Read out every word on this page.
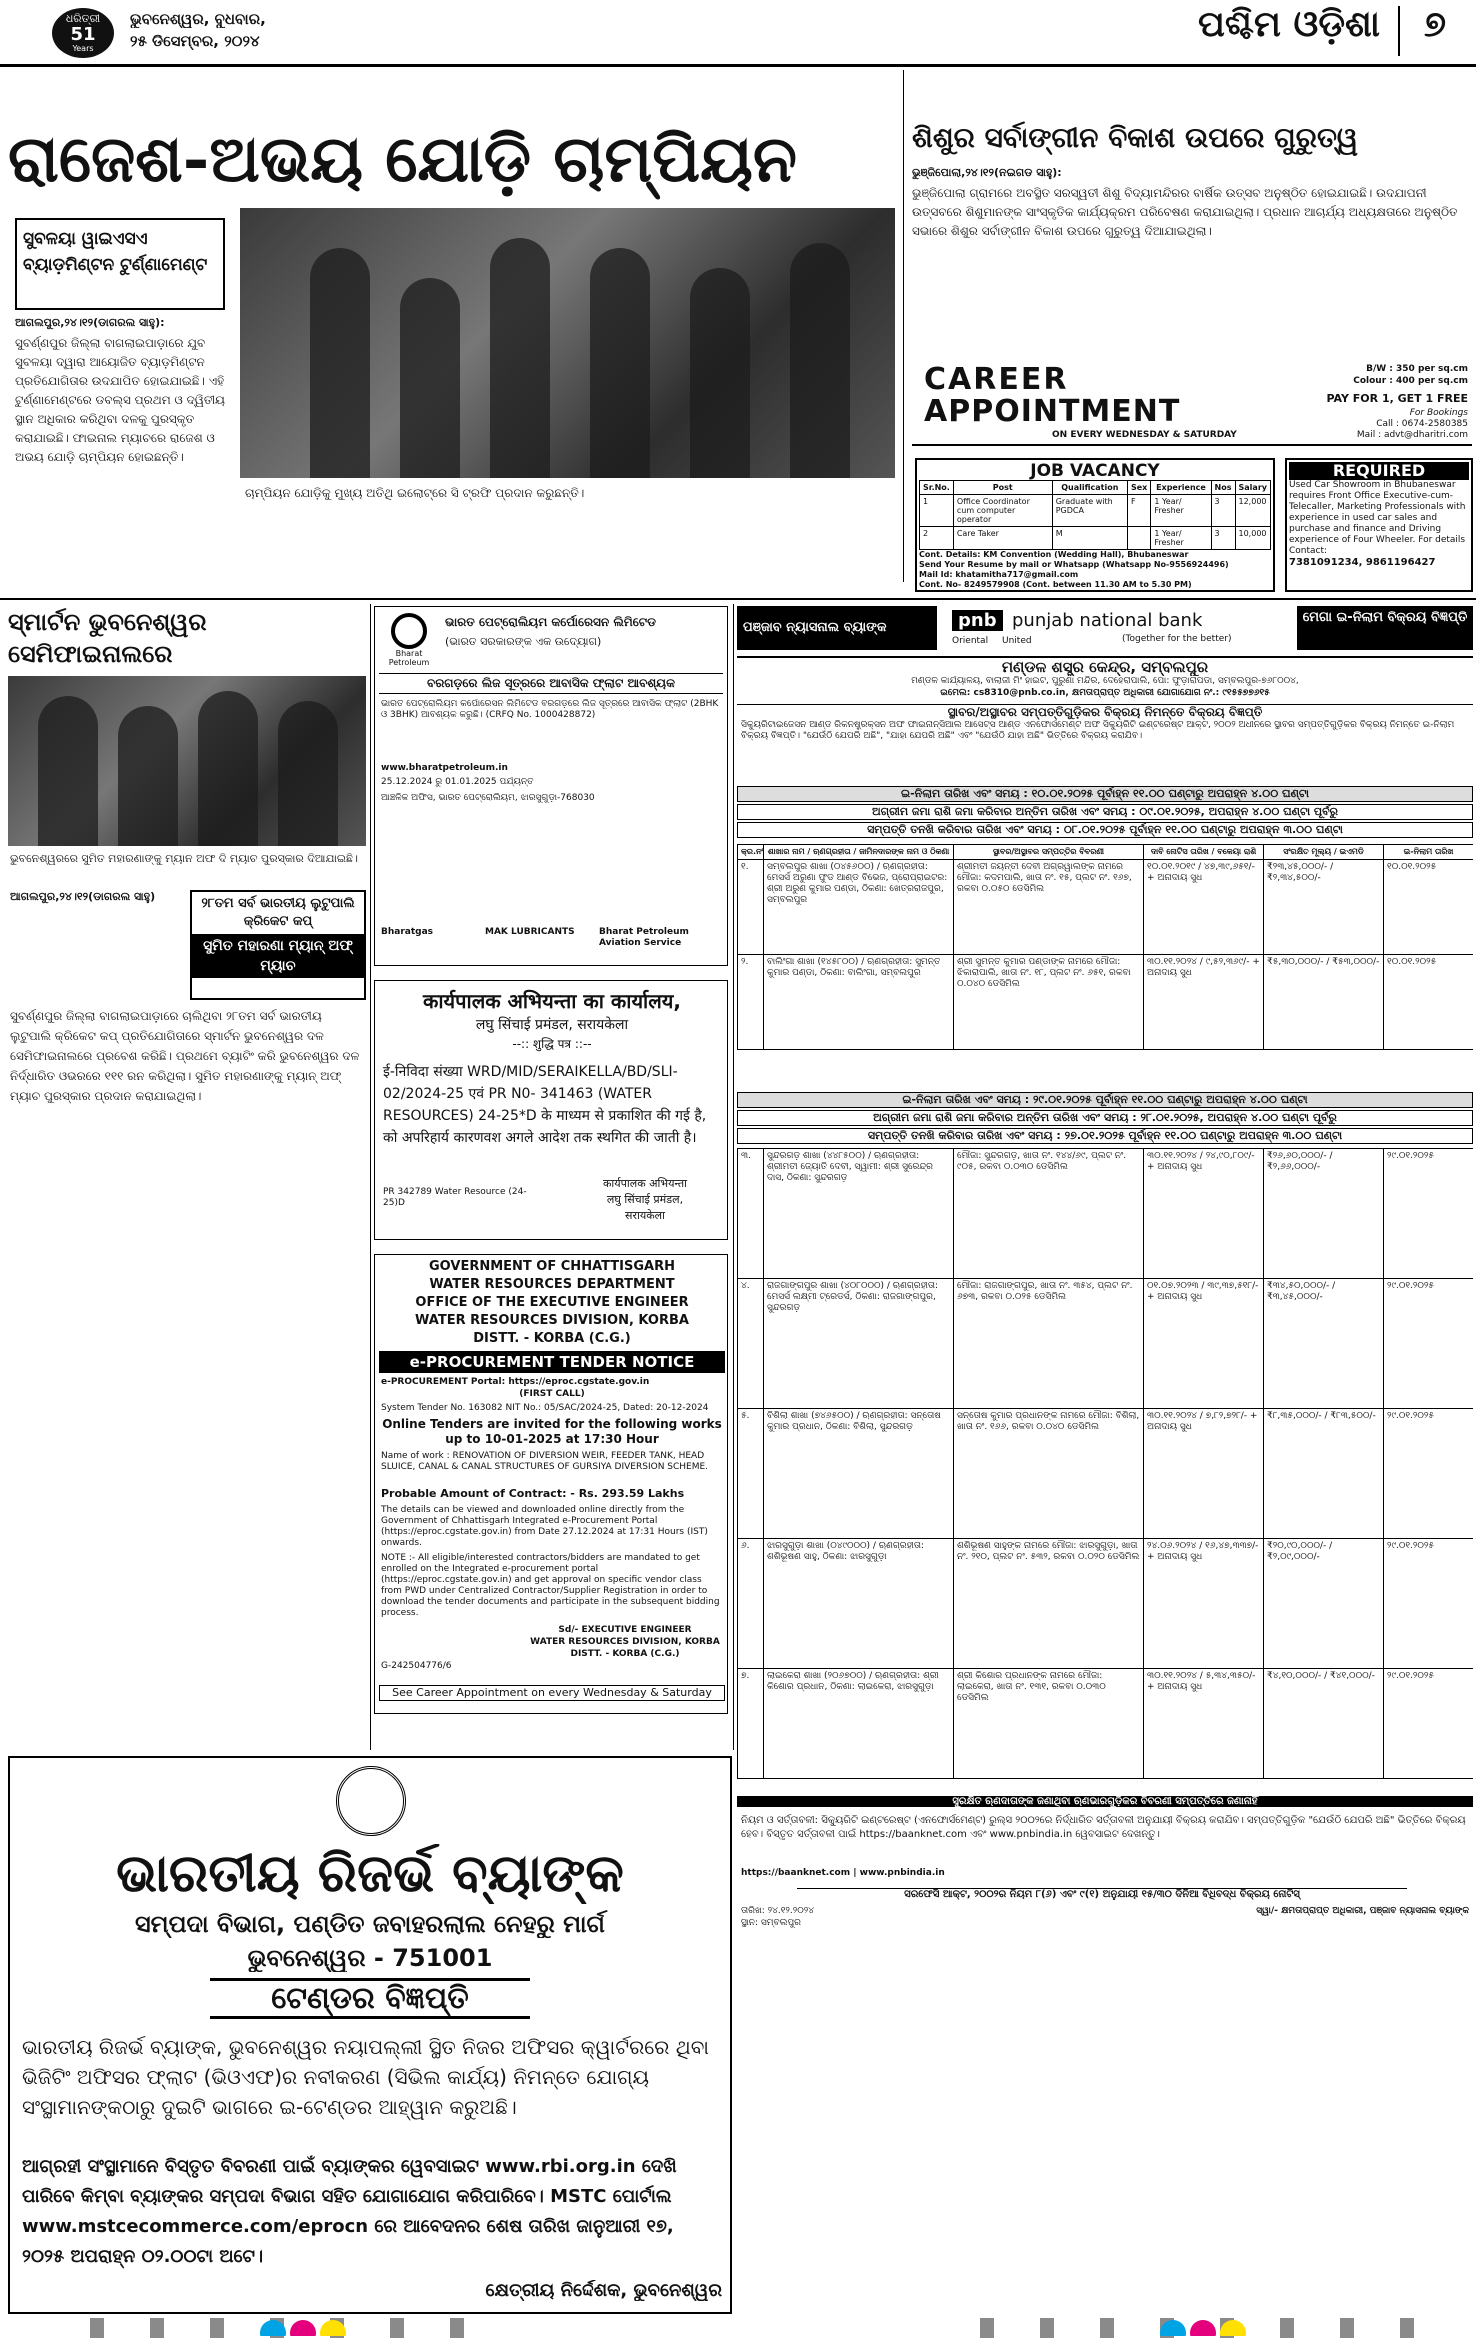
ଧରିତ୍ରୀ
51
Years
ଭୁବନେଶ୍ୱର, ବୁଧବାର,
୨୫ ଡିସେମ୍ବର, ୨୦୨୪	ପଶ୍ଚିମ ଓଡ଼ିଶା	୭
ରାଜେଶ-ଅଭୟ ଯୋଡ଼ି ଚାମ୍ପିୟନ
ସୁବଳୟା ୱାଇଏସଏ ବ୍ୟାଡ଼ମିଣ୍ଟନ ଟୁର୍ଣ୍ଣାମେଣ୍ଟ
ଆଗଲପୁର,୨୪।୧୨(ଡାଗରଲ ସାହୁ):
ସୁବର୍ଣ୍ଣପୁର ଜିଲ୍ଲା ବାଗଲାଇପାଡ଼ାରେ ଯୁବ ସୁବଳୟା ଦ୍ୱାରା ଆୟୋଜିତ ବ୍ୟାଡ଼ମିଣ୍ଟନ ପ୍ରତିଯୋଗିତାର ଉଦଯାପିତ ହୋଇଯାଇଛି। ଏହି ଟୁର୍ଣ୍ଣାମେଣ୍ଟରେ ଡବଲ୍ସ ପ୍ରଥମ ଓ ଦ୍ୱିତୀୟ ସ୍ଥାନ ଅଧିକାର କରିଥିବା ଦଳକୁ ପୁରସ୍କୃତ କରାଯାଇଛି। ଫାଇନାଲ ମ୍ୟାଚରେ ରାଜେଶ ଓ ଅଭୟ ଯୋଡ଼ି ଚାମ୍ପିୟନ ହୋଇଛନ୍ତି।
ଚାମ୍ପିୟନ ଯୋଡ଼ିକୁ ମୁଖ୍ୟ ଅତିଥି ଇଲୋଟ୍ରେ ସି ଟ୍ରଫି ପ୍ରଦାନ କରୁଛନ୍ତି।
ଶିଶୁର ସର୍ବାଙ୍ଗୀନ ବିକାଶ ଉପରେ ଗୁରୁତ୍ୱ
ଭୁଞ୍ଜିପୋଲା,୨୪।୧୨(ନଇଗଡ ସାହୁ):
ଭୁଞ୍ଜିପୋଲା ଗ୍ରାମରେ ଅବସ୍ଥିତ ସରସ୍ୱତୀ ଶିଶୁ ବିଦ୍ୟାମନ୍ଦିରର ବାର୍ଷିକ ଉତ୍ସବ ଅନୁଷ୍ଠିତ ହୋଇଯାଇଛି। ଉଦଯାପନୀ ଉତ୍ସବରେ ଶିଶୁମାନଙ୍କ ସାଂସ୍କୃତିକ କାର୍ଯ୍ୟକ୍ରମ ପରିବେଷଣ କରାଯାଇଥିଲା। ପ୍ରଧାନ ଆଚାର୍ଯ୍ୟ ଅଧ୍ୟକ୍ଷତାରେ ଅନୁଷ୍ଠିତ ସଭାରେ ଶିଶୁର ସର୍ବାଙ୍ଗୀନ ବିକାଶ ଉପରେ ଗୁରୁତ୍ୱ ଦିଆଯାଇଥିଲା।
CAREER
APPOINTMENT
ON EVERY WEDNESDAY & SATURDAY
B/W : 350 per sq.cm
Colour : 400 per sq.cm
PAY FOR 1, GET 1 FREE
For Bookings
Call : 0674-2580385
Mail : advt@dharitri.com
JOB VACANCY
Sr.No.	Post	Qualification	Sex	Experience	Nos	Salary
1	Office Coordinator cum computer operator	Graduate with PGDCA	F	1 Year/ Fresher	3	12,000
2	Care Taker	M		1 Year/ Fresher	3	10,000
Cont. Details: KM Convention (Wedding Hall), Bhubaneswar
Send Your Resume by mail or Whatsapp (Whatsapp No-9556924496)
Mail Id: khatamitha717@gmail.com
Cont. No- 8249579908 (Cont. between 11.30 AM to 5.30 PM)
REQUIRED
Used Car Showroom in Bhubaneswar requires Front Office Executive-cum-Telecaller, Marketing Professionals with experience in used car sales and purchase and finance and Driving experience of Four Wheeler. For details Contact:
7381091234, 9861196427
ସ୍ମାର୍ଟନ ଭୁବନେଶ୍ୱର ସେମିଫାଇନାଲରେ
ଭୁବନେଶ୍ୱରରେ ସୁମିତ ମହାରଣାଙ୍କୁ ମ୍ୟାନ ଅଫ ଦି ମ୍ୟାଚ ପୁରସ୍କାର ଦିଆଯାଇଛି।
ଆଗଲପୁର,୨୪।୧୨(ଡାଗରଲ ସାହୁ)	୨୮ତମ ସର୍ବ ଭାରତୀୟ ଲୁଟୁପାଲି କ୍ରିକେଟ କପ୍
ସୁମିତ ମହାରଣା ମ୍ୟାନ୍ ଅଫ୍ ମ୍ୟାଚ
ସୁବର୍ଣ୍ଣପୁର ଜିଲ୍ଲା ବାଗଲାଇପାଡ଼ାରେ ଚାଲିଥିବା ୨୮ତମ ସର୍ବ ଭାରତୀୟ ଲୁଟୁପାଲି କ୍ରିକେଟ କପ୍ ପ୍ରତିଯୋଗିତାରେ ସ୍ମାର୍ଟନ ଭୁବନେଶ୍ୱର ଦଳ ସେମିଫାଇନାଲରେ ପ୍ରବେଶ କରିଛି। ପ୍ରଥମେ ବ୍ୟାଟିଂ କରି ଭୁବନେଶ୍ୱର ଦଳ ନିର୍ଦ୍ଧାରିତ ଓଭରରେ ୧୧୧ ରନ କରିଥିଲା। ସୁମିତ ମହାରଣାଙ୍କୁ ମ୍ୟାନ୍ ଅଫ୍ ମ୍ୟାଚ ପୁରସ୍କାର ପ୍ରଦାନ କରାଯାଇଥିଲା।
Bharat Petroleum
ଭାରତ ପେଟ୍ରୋଲିୟମ କର୍ପୋରେସନ ଲିମିଟେଡ
(ଭାରତ ସରକାରଙ୍କ ଏକ ଉଦ୍ୟୋଗ)
ବରଗଡ଼ରେ ଲିଜ ସୂତ୍ରରେ ଆବାସିକ ଫ୍ଲାଟ ଆବଶ୍ୟକ
ଭାରତ ପେଟ୍ରୋଲିୟମ କର୍ପୋରେସନ ଲିମିଟେଡ ବରଗଡ଼ରେ ଲିଜ ସୂତ୍ରରେ ଆବାସିକ ଫ୍ଲାଟ (2BHK ଓ 3BHK) ଆବଶ୍ୟକ କରୁଛି। (CRFQ No. 1000428872)
www.bharatpetroleum.in
25.12.2024 ରୁ 01.01.2025 ପର୍ଯ୍ୟନ୍ତ
ଆଞ୍ଚଳିକ ଅଫିସ, ଭାରତ ପେଟ୍ରୋଲିୟମ, ଝାରସୁଗୁଡ଼ା-768030
Bharatgas	MAK LUBRICANTS	Bharat Petroleum Aviation Service
कार्यपालक अभियन्ता का कार्यालय,
लघु सिंचाई प्रमंडल, सरायकेला
--:: शुद्धि पत्र ::--
ई-निविदा संख्या WRD/MID/SERAIKELLA/BD/SLI-02/2024-25 एवं PR N0- 341463 (WATER RESOURCES) 24-25*D के माध्यम से प्रकाशित की गई है, को अपरिहार्य कारणवश अगले आदेश तक स्थगित की जाती है।
PR 342789 Water Resource (24-25)D
कार्यपालक अभियन्ता
लघु सिंचाई प्रमंडल,
सरायकेला
GOVERNMENT OF CHHATTISGARH
WATER RESOURCES DEPARTMENT
OFFICE OF THE EXECUTIVE ENGINEER
WATER RESOURCES DIVISION, KORBA
DISTT. - KORBA (C.G.)
e-PROCUREMENT TENDER NOTICE
e-PROCUREMENT Portal: https://eproc.cgstate.gov.in
(FIRST CALL)
System Tender No. 163082 NIT No.: 05/SAC/2024-25, Dated: 20-12-2024
Online Tenders are invited for the following works up to 10-01-2025 at 17:30 Hour
Name of work : RENOVATION OF DIVERSION WEIR, FEEDER TANK, HEAD SLUICE, CANAL & CANAL STRUCTURES OF GURSIYA DIVERSION SCHEME.
Probable Amount of Contract: - Rs. 293.59 Lakhs
The details can be viewed and downloaded online directly from the Government of Chhattisgarh Integrated e-Procurement Portal (https://eproc.cgstate.gov.in) from Date 27.12.2024 at 17:31 Hours (IST) onwards.
NOTE :- All eligible/interested contractors/bidders are mandated to get enrolled on the Integrated e-procurement portal (https://eproc.cgstate.gov.in) and get approval on specific vendor class from PWD under Centralized Contractor/Supplier Registration in order to download the tender documents and participate in the subsequent bidding process.
Sd/- EXECUTIVE ENGINEER
WATER RESOURCES DIVISION, KORBA
DISTT. - KORBA (C.G.)
G-242504776/6
See Career Appointment on every Wednesday & Saturday
ପଞ୍ଜାବ ନ୍ୟାସନାଲ ବ୍ୟାଙ୍କ	pnb punjab national bank
(Together for the better)
Oriental United
ମେଗା ଇ-ନିଲାମ ବିକ୍ରୟ ବିଜ୍ଞପ୍ତି
ମଣ୍ଡଳ ଶସ୍ତ୍ର କେନ୍ଦ୍ର, ସମ୍ବଲପୁର
ମଣ୍ଡଳ କାର୍ଯ୍ୟାଳୟ, ବାଲାଜୀ ମିଂ ହାଇଟ, ପୁରୁଣା ମନ୍ଦିର, ଦେହେରାପାଲି, ପୋ: ଫୁଡ଼ାରାପଡା, ସମ୍ବଲପୁର-୭୬୮୦୦୪,
ଇମେଲ: cs8310@pnb.co.in, କ୍ଷମତାପ୍ରାପ୍ତ ଅଧିକାରୀ ଯୋଗାଯୋଗ ନଂ.: ୯୧୫୫୭୭୬୧୫
ସ୍ଥାବର/ଅସ୍ଥାବର ସମ୍ପତ୍ତିଗୁଡ଼ିକର ବିକ୍ରୟ ନିମନ୍ତେ ବିକ୍ରୟ ବିଜ୍ଞପ୍ତି
ସିକ୍ୟୁରିଟାଇଜେସନ ଆଣ୍ଡ ରିକନଷ୍ଟ୍ରକ୍ସନ ଅଫ ଫାଇନାନ୍ସିଆଲ ଆସେଟ୍ସ ଆଣ୍ଡ ଏନଫୋର୍ସମେଣ୍ଟ ଅଫ ସିକ୍ୟୁରିଟି ଇଣ୍ଟରେଷ୍ଟ ଆକ୍ଟ, ୨୦୦୨ ଅଧୀନରେ ସ୍ଥାବର ସମ୍ପତ୍ତିଗୁଡ଼ିକର ବିକ୍ରୟ ନିମନ୍ତେ ଇ-ନିଲାମ ବିକ୍ରୟ ବିଜ୍ଞପ୍ତି। "ଯେଉଁଠି ଯେପରି ଅଛି", "ଯାହା ଯେପରି ଅଛି" ଏବଂ "ଯେଉଁଠି ଯାହା ଅଛି" ଭିତ୍ତିରେ ବିକ୍ରୟ କରାଯିବ।
ଇ-ନିଲାମ ତାରିଖ ଏବଂ ସମୟ : ୧୦.୦୧.୨୦୨୫ ପୂର୍ବାହ୍ନ ୧୧.୦୦ ଘଣ୍ଟାରୁ ଅପରାହ୍ନ ୪.୦୦ ଘଣ୍ଟା
ଅଗ୍ରୀମ ଜମା ରାଶି ଜମା କରିବାର ଅନ୍ତିମ ତାରିଖ ଏବଂ ସମୟ : ୦୯.୦୧.୨୦୨୫, ଅପରାହ୍ନ ୪.୦୦ ଘଣ୍ଟା ପୂର୍ବରୁ
ସମ୍ପତ୍ତି ତନଖି କରିବାର ତାରିଖ ଏବଂ ସମୟ : ୦୮.୦୧.୨୦୨୫ ପୂର୍ବାହ୍ନ ୧୧.୦୦ ଘଣ୍ଟାରୁ ଅପରାହ୍ନ ୩.୦୦ ଘଣ୍ଟା
କ୍ର.ନଂ	ଶାଖାର ନାମ / ଋଣଗ୍ରହୀତା / ଜାମିନଦାରଙ୍କ ନାମ ଓ ଠିକଣା	ସ୍ଥାବର/ଅସ୍ଥାବର ସମ୍ପତ୍ତିର ବିବରଣୀ	ଦାବି ନୋଟିସ ତାରିଖ / ବକେୟା ରାଶି	ସଂରକ୍ଷିତ ମୂଲ୍ୟ / ଇଏମଡି	ଇ-ନିଲାମ ତାରିଖ
୧.	ସମ୍ବଲପୁର ଶାଖା (୦୪୫୬୦୦) / ଋଣଗ୍ରହୀତା: ମେସର୍ସ ଅରୁଣା ଫୁଡ ଆଣ୍ଡ ବିଭେଜ, ପ୍ରୋପ୍ରାଇଟର: ଶ୍ରୀ ଅରୁଣ କୁମାର ପଣ୍ଡା, ଠିକଣା: ଖେତ୍ରରାଜପୁର, ସମ୍ବଲପୁର	ଶ୍ରୀମତୀ ଜୟନ୍ତୀ ଦେବୀ ଅଗ୍ରୱାଲଙ୍କ ନାମରେ ମୌଜା: କଦମପାଲି, ଖାତା ନଂ. ୧୫, ପ୍ଲଟ ନଂ. ୧୬୭, ରକବା ୦.୦୫୦ ଡେସିମିଲ	୧୦.୦୧.୨୦୧୯ / ୪୭,୩୯,୬୫୧/- + ଅନାଦାୟ ସୁଧ	₹୨୩,୪୫,୦୦୦/- / ₹୨,୩୪,୫୦୦/-	୧୦.୦୧.୨୦୨୫
୨.	ବାଲିଂଗା ଶାଖା (୧୪୫୮୦୦) / ଋଣଗ୍ରହୀତା: ସୁମନ୍ତ କୁମାର ପଣ୍ଡା, ଠିକଣା: ବାଲିଂଗା, ସମ୍ବଲପୁର	ଶ୍ରୀ ସୁମନ୍ତ କୁମାର ପଣ୍ଡାଙ୍କ ନାମରେ ମୌଜା: ଝିକାରାପାଲି, ଖାତା ନଂ. ୧୮, ପ୍ଲଟ ନଂ. ୬୫୧, ରକବା ୦.୦୪୦ ଡେସିମିଲ	୩୦.୧୧.୨୦୨୪ / ୯,୫୨,୩୬୯/- + ଅନାଦାୟ ସୁଧ	₹୫,୩୦,୦୦୦/- / ₹୫୩,୦୦୦/-	୧୦.୦୧.୨୦୨୫
ଇ-ନିଲାମ ତାରିଖ ଏବଂ ସମୟ : ୨୯.୦୧.୨୦୨୫ ପୂର୍ବାହ୍ନ ୧୧.୦୦ ଘଣ୍ଟାରୁ ଅପରାହ୍ନ ୪.୦୦ ଘଣ୍ଟା
ଅଗ୍ରୀମ ଜମା ରାଶି ଜମା କରିବାର ଅନ୍ତିମ ତାରିଖ ଏବଂ ସମୟ : ୨୮.୦୧.୨୦୨୫, ଅପରାହ୍ନ ୪.୦୦ ଘଣ୍ଟା ପୂର୍ବରୁ
ସମ୍ପତ୍ତି ତନଖି କରିବାର ତାରିଖ ଏବଂ ସମୟ : ୨୭.୦୧.୨୦୨୫ ପୂର୍ବାହ୍ନ ୧୧.୦୦ ଘଣ୍ଟାରୁ ଅପରାହ୍ନ ୩.୦୦ ଘଣ୍ଟା
୩.	ସୁନ୍ଦରଗଡ଼ ଶାଖା (୪୪୮୫୦୦) / ଋଣଗ୍ରହୀତା: ଶ୍ରୀମତୀ ଜ୍ୟୋତି ଦେବୀ, ସ୍ୱାମୀ: ଶ୍ରୀ ସୁରେନ୍ଦ୍ର ଦାସ, ଠିକଣା: ସୁନ୍ଦରଗଡ଼	ମୌଜା: ସୁନ୍ଦରଗଡ଼, ଖାତା ନଂ. ୧୪୪/୬୯, ପ୍ଲଟ ନଂ. ୯୦୫, ରକବା ୦.୦୩୦ ଡେସିମିଲ	୩୦.୧୧.୨୦୨୪ / ୨୪,୯୦,୮୦୯/- + ଅନାଦାୟ ସୁଧ	₹୨୬,୬୦,୦୦୦/- / ₹୨,୬୬,୦୦୦/-	୨୯.୦୧.୨୦୨୫
୪.	ରାଜଗାଙ୍ଗପୁର ଶାଖା (୪୦୮୦୦୦) / ଋଣଗ୍ରହୀତା: ମେସର୍ସ ଲକ୍ଷ୍ମୀ ଟ୍ରେଡର୍ସ, ଠିକଣା: ରାଜଗାଙ୍ଗପୁର, ସୁନ୍ଦରଗଡ଼	ମୌଜା: ରାଜଗାଙ୍ଗପୁର, ଖାତା ନଂ. ୩୫୪, ପ୍ଲଟ ନଂ. ୬୭୩, ରକବା ୦.୦୨୫ ଡେସିମିଲ	୦୧.୦୭.୨୦୨୩ / ୩୯,୩୭,୫୧୮/- + ଅନାଦାୟ ସୁଧ	₹୩୪,୫୦,୦୦୦/- / ₹୩,୪୫,୦୦୦/-	୨୯.୦୧.୨୦୨୫
୫.	ବିଶିଲା ଶାଖା (୭୪୬୫୦୦) / ଋଣଗ୍ରହୀତା: ସନ୍ତୋଷ କୁମାର ପ୍ରଧାନ, ଠିକଣା: ବିଶିଲା, ସୁନ୍ଦରଗଡ଼	ସନ୍ତୋଷ କୁମାର ପ୍ରଧାନଙ୍କ ନାମରେ ମୌଜା: ବିଶିଲା, ଖାତା ନଂ. ୧୬୬, ରକବା ୦.୦୪୦ ଡେସିମିଲ	୩୦.୧୧.୨୦୨୪ / ୭,୮୨,୭୨୮/- + ଅନାଦାୟ ସୁଧ	₹୮,୩୫,୦୦୦/- / ₹୮୩,୫୦୦/-	୨୯.୦୧.୨୦୨୫
୬.	ଝାରସୁଗୁଡ଼ା ଶାଖା (୦୪୯୦୦୦) / ଋଣଗ୍ରହୀତା: ଶଶିଭୂଷଣ ସାହୁ, ଠିକଣା: ଝାରସୁଗୁଡ଼ା	ଶଶିଭୂଷଣ ସାହୁଙ୍କ ନାମରେ ମୌଜା: ଝାରସୁଗୁଡ଼ା, ଖାତା ନଂ. ୨୧୦, ପ୍ଲଟ ନଂ. ୫୩୨, ରକବା ୦.୦୨୦ ଡେସିମିଲ	୨୪.୦୬.୨୦୨୪ / ୧୬,୪୭,୩୩୭/- + ଅନାଦାୟ ସୁଧ	₹୨୦,୯୦,୦୦୦/- / ₹୨,୦୯,୦୦୦/-	୨୯.୦୧.୨୦୨୫
୭.	ଲାଇକେରା ଶାଖା (୨୦୬୭୦୦) / ଋଣଗ୍ରହୀତା: ଶ୍ରୀ କିଶୋର ପ୍ରଧାନ, ଠିକଣା: ଲାଇକେରା, ଝାରସୁଗୁଡ଼ା	ଶ୍ରୀ କିଶୋର ପ୍ରଧାନଙ୍କ ନାମରେ ମୌଜା: ଲାଇକେରା, ଖାତା ନଂ. ୧୩୧, ରକବା ୦.୦୩୦ ଡେସିମିଲ	୩୦.୧୧.୨୦୨୪ / ୫,୩୪,୩୫୦/- + ଅନାଦାୟ ସୁଧ	₹୪,୧୦,୦୦୦/- / ₹୪୧,୦୦୦/-	୨୯.୦୧.୨୦୨୫
ସୁରକ୍ଷିତ ଋଣଦାତାଙ୍କ ଜଣାଥିବା ଋଣଭାରଗୁଡ଼ିକର ବିବରଣୀ ସମ୍ପତ୍ତିରେ ଜଣାନାହିଁ
ନିୟମ ଓ ସର୍ତ୍ତାବଳୀ: ସିକ୍ୟୁରିଟି ଇଣ୍ଟରେଷ୍ଟ (ଏନଫୋର୍ସମେଣ୍ଟ) ରୁଲ୍ସ ୨୦୦୨ରେ ନିର୍ଦ୍ଧାରିତ ସର୍ତ୍ତାବଳୀ ଅନୁଯାୟୀ ବିକ୍ରୟ କରାଯିବ। ସମ୍ପତ୍ତିଗୁଡ଼ିକ "ଯେଉଁଠି ଯେପରି ଅଛି" ଭିତ୍ତିରେ ବିକ୍ରୟ ହେବ। ବିସ୍ତୃତ ସର୍ତ୍ତାବଳୀ ପାଇଁ https://baanknet.com ଏବଂ www.pnbindia.in ୱେବସାଇଟ ଦେଖନ୍ତୁ।
https://baanknet.com | www.pnbindia.in
ସରଫେସି ଆକ୍ଟ, ୨୦୦୨ର ନିୟମ ୮(୬) ଏବଂ ୯(୧) ଅନୁଯାୟୀ ୧୫/୩୦ ଦିନିଆ ବିଧିବଦ୍ଧ ବିକ୍ରୟ ନୋଟିସ୍
ତାରିଖ: ୨୪.୧୨.୨୦୨୪
ସ୍ଥାନ: ସମ୍ବଲପୁର
ସ୍ୱା/- କ୍ଷମତାପ୍ରାପ୍ତ ଅଧିକାରୀ, ପଞ୍ଜାବ ନ୍ୟାସନାଲ ବ୍ୟାଙ୍କ
ଭାରତୀୟ ରିଜର୍ଭ ବ୍ୟାଙ୍କ
ସମ୍ପଦା ବିଭାଗ, ପଣ୍ଡିତ ଜବାହରଲାଲ ନେହରୁ ମାର୍ଗ
ଭୁବନେଶ୍ୱର - 751001
ଟେଣ୍ଡର ବିଜ୍ଞପ୍ତି
ଭାରତୀୟ ରିଜର୍ଭ ବ୍ୟାଙ୍କ, ଭୁବନେଶ୍ୱର ନୟାପଲ୍ଲୀ ସ୍ଥିତ ନିଜର ଅଫିସର କ୍ୱାର୍ଟରରେ ଥିବା ଭିଜିଟିଂ ଅଫିସର ଫ୍ଲାଟ (ଭିଓଏଫ)ର ନବୀକରଣ (ସିଭିଲ କାର୍ଯ୍ୟ) ନିମନ୍ତେ ଯୋଗ୍ୟ ସଂସ୍ଥାମାନଙ୍କଠାରୁ ଦୁଇଟି ଭାଗରେ ଇ-ଟେଣ୍ଡର ଆହ୍ୱାନ କରୁଅଛି।
ଆଗ୍ରହୀ ସଂସ୍ଥାମାନେ ବିସ୍ତୃତ ବିବରଣୀ ପାଇଁ ବ୍ୟାଙ୍କର ୱେବସାଇଟ www.rbi.org.in ଦେଖି ପାରିବେ କିମ୍ବା ବ୍ୟାଙ୍କର ସମ୍ପଦା ବିଭାଗ ସହିତ ଯୋଗାଯୋଗ କରିପାରିବେ। MSTC ପୋର୍ଟାଲ www.mstcecommerce.com/eprocn ରେ ଆବେଦନର ଶେଷ ତାରିଖ ଜାନୁଆରୀ ୧୭, ୨୦୨୫ ଅପରାହ୍ନ ୦୨.୦୦ଟା ଅଟେ।
କ୍ଷେତ୍ରୀୟ ନିର୍ଦ୍ଦେଶକ, ଭୁବନେଶ୍ୱର
